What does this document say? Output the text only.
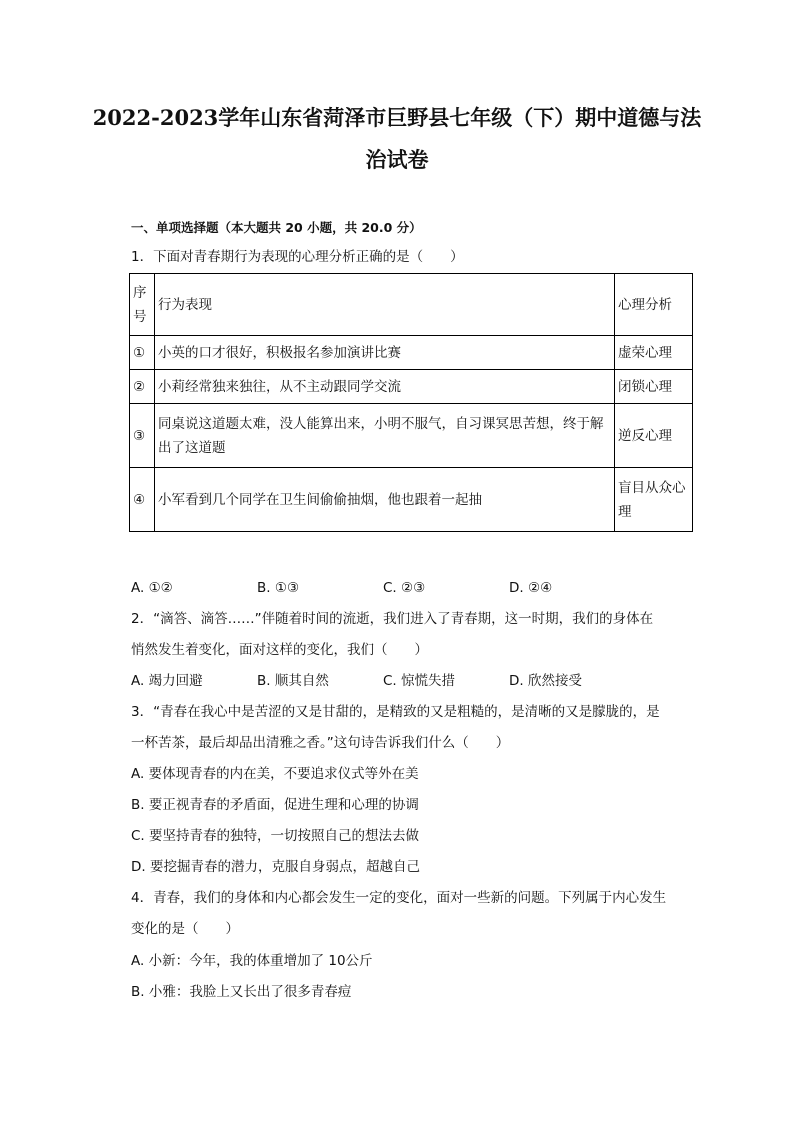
2022-2023学年山东省菏泽市巨野县七年级（下）期中道德与法
治试卷
一、单项选择题（本大题共 20 小题，共 20.0 分）
1．下面对青春期行为表现的心理分析正确的是（　　）
序
号	行为表现	心理分析
①	小英的口才很好，积极报名参加演讲比赛	虚荣心理
②	小莉经常独来独往，从不主动跟同学交流	闭锁心理
③	同桌说这道题太难，没人能算出来，小明不服气，自习课冥思苦想，终于解
出了这道题	逆反心理
④	小军看到几个同学在卫生间偷偷抽烟，他也跟着一起抽	盲目从众心
理
A. ①②	B. ①③	C. ②③	D. ②④
2．“滴答、滴答……”伴随着时间的流逝，我们进入了青春期，这一时期，我们的身体在
悄然发生着变化，面对这样的变化，我们（　　）
A. 竭力回避	B. 顺其自然	C. 惊慌失措	D. 欣然接受
3．“青春在我心中是苦涩的又是甘甜的，是精致的又是粗糙的，是清晰的又是朦胧的，是
一杯苦茶，最后却品出清雅之香。”这句诗告诉我们什么（　　）
A. 要体现青春的内在美，不要追求仪式等外在美
B. 要正视青春的矛盾面，促进生理和心理的协调
C. 要坚持青春的独特，一切按照自己的想法去做
D. 要挖掘青春的潜力，克服自身弱点，超越自己
4．青春，我们的身体和内心都会发生一定的变化，面对一些新的问题。下列属于内心发生
变化的是（　　）
A. 小新：今年，我的体重增加了 10公斤
B. 小雅：我脸上又长出了很多青春痘
